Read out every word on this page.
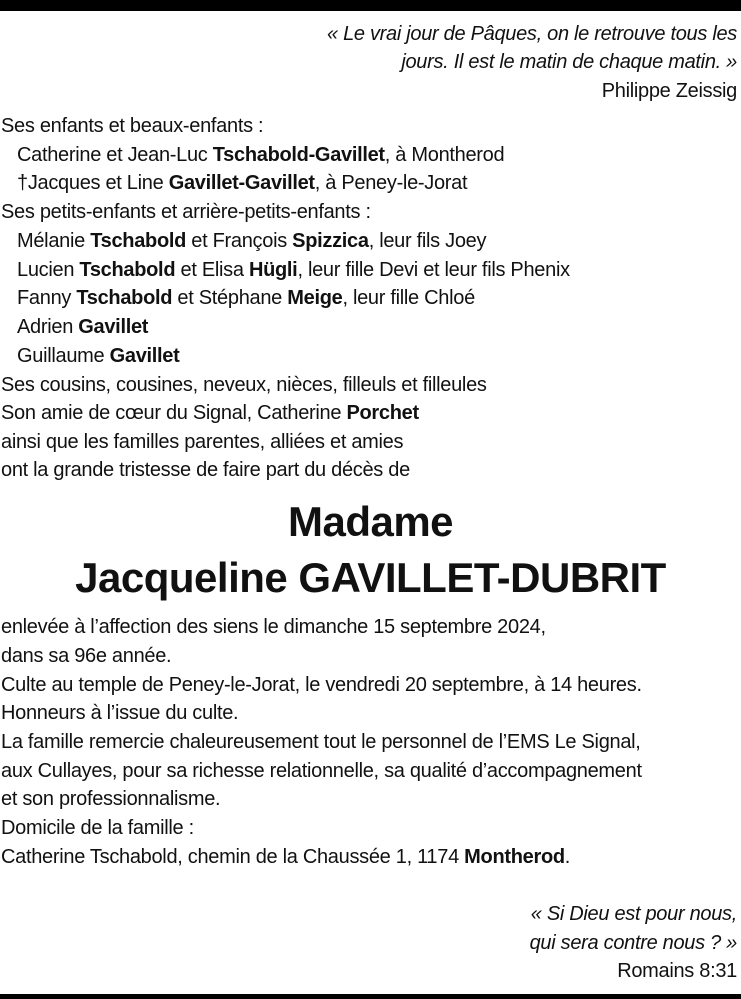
« Le vrai jour de Pâques, on le retrouve tous les
jours. Il est le matin de chaque matin. »
Philippe Zeissig
Ses enfants et beaux-enfants :
Catherine et Jean-Luc Tschabold-Gavillet, à Montherod
†Jacques et Line Gavillet-Gavillet, à Peney-le-Jorat
Ses petits-enfants et arrière-petits-enfants :
Mélanie Tschabold et François Spizzica, leur fils Joey
Lucien Tschabold et Elisa Hügli, leur fille Devi et leur fils Phenix
Fanny Tschabold et Stéphane Meige, leur fille Chloé
Adrien Gavillet
Guillaume Gavillet
Ses cousins, cousines, neveux, nièces, filleuls et filleules
Son amie de cœur du Signal, Catherine Porchet
ainsi que les familles parentes, alliées et amies
ont la grande tristesse de faire part du décès de
Madame
Jacqueline GAVILLET-DUBRIT
enlevée à l’affection des siens le dimanche 15 septembre 2024,
dans sa 96e année.
Culte au temple de Peney-le-Jorat, le vendredi 20 septembre, à 14 heures.
Honneurs à l’issue du culte.
La famille remercie chaleureusement tout le personnel de l’EMS Le Signal,
aux Cullayes, pour sa richesse relationnelle, sa qualité d’accompagnement
et son professionnalisme.
Domicile de la famille :
Catherine Tschabold, chemin de la Chaussée 1, 1174 Montherod.
« Si Dieu est pour nous,
qui sera contre nous ? »
Romains 8:31
